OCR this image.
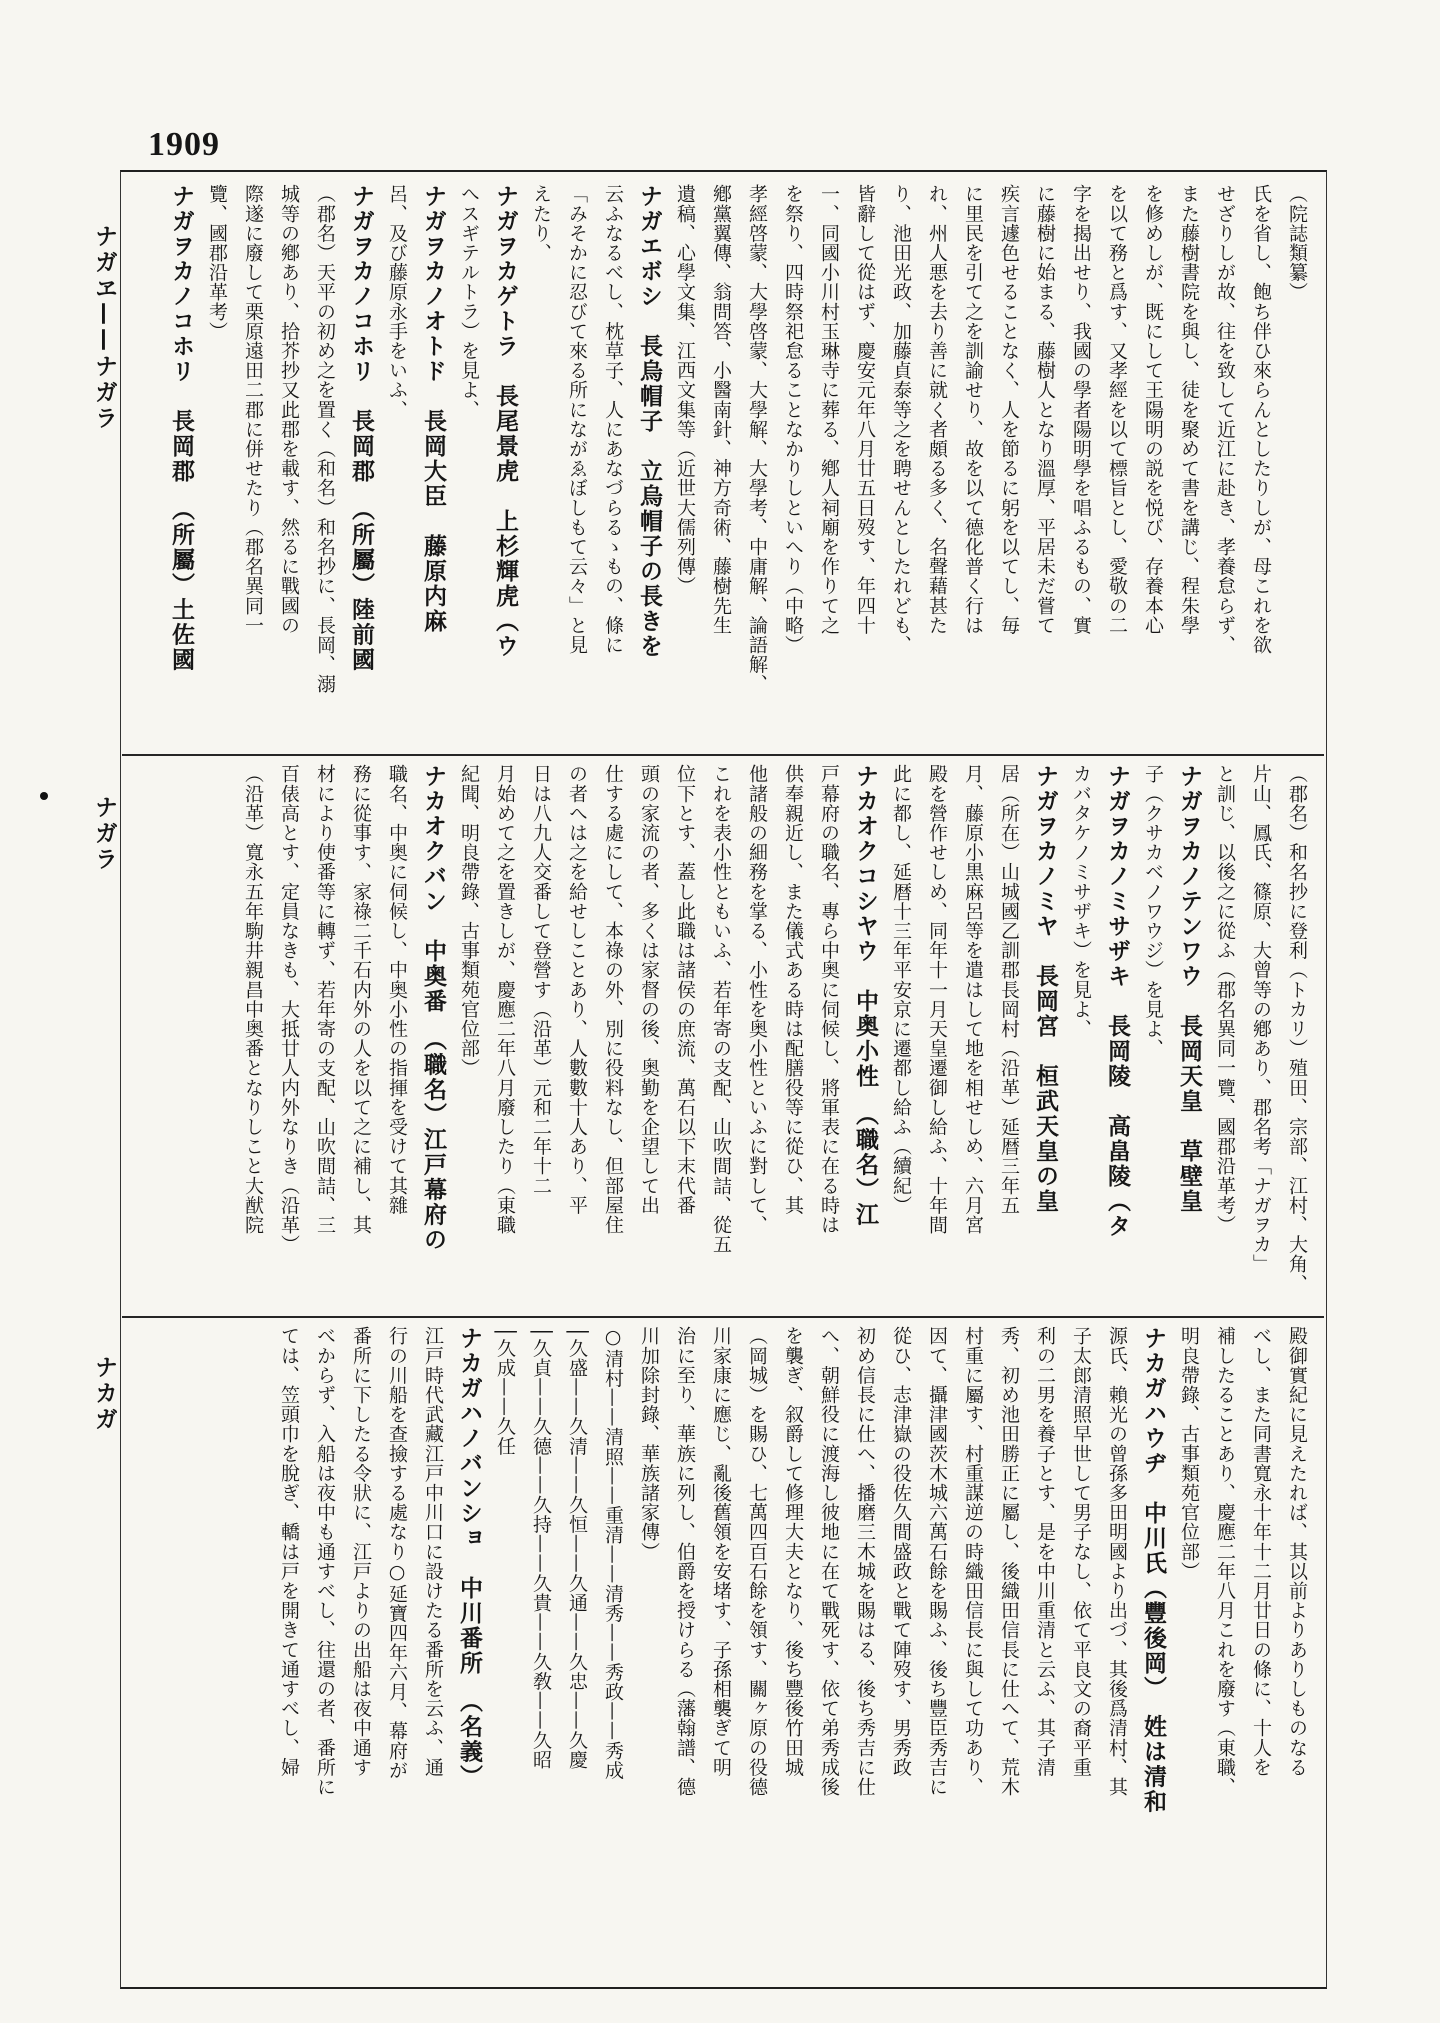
1909
ナガヱ——ナガラ
ナガラ
ナカガ
（院誌類纂）
氏を省し、飽ち伴ひ來らんとしたりしが、母これを欲
せざりしが故、往を致して近江に赴き、孝養怠らず、
また藤樹書院を與し、徒を聚めて書を講じ、程朱學
を修めしが、既にして王陽明の説を悦び、存養本心
を以て務と爲す、又孝經を以て標旨とし、愛敬の二
字を揭出せり、我國の學者陽明學を唱ふるもの、實
に藤樹に始まる、藤樹人となり溫厚、平居未だ嘗て
疾言遽色せることなく、人を節るに躬を以てし、毎
に里民を引て之を訓諭せり、故を以て德化普く行は
れ、州人悪を去り善に就く者頗る多く、名聲藉甚た
り、池田光政、加藤貞泰等之を聘せんとしたれども、
皆辭して從はず、慶安元年八月廿五日歿す、年四十
一、同國小川村玉琳寺に葬る、鄕人祠廟を作りて之
を祭り、四時祭祀怠ることなかりしといへり（中略）
孝經啓蒙、大學啓蒙、大學解、大學考、中庸解、論語解、
鄕黨翼傳、翁問答、小醫南針、神方奇術、藤樹先生
遺稿、心學文集、江西文集等（近世大儒列傳）
ナガエボシ　長烏帽子　立烏帽子の長きを
云ふなるべし、枕草子、人にあなづらるゝもの、條に
「みそかに忍びて來る所にながゑぼしもて云々」と見
えたり、
ナガヲカゲトラ　長尾景虎　上杉輝虎（ウ
へスギテルトラ）を見よ、
ナガヲカノオトド　長岡大臣　藤原内麻
呂、及び藤原永手をいふ、
ナガヲカノコホリ　長岡郡　（所屬）陸前國
（郡名）天平の初め之を置く（和名）和名抄に、長岡、溺
城等の鄕あり、拾芥抄又此郡を載す、然るに戰國の
際遂に廢して栗原遠田二郡に併せたり（郡名異同一
覽、國郡沿革考）
ナガヲカノコホリ　長岡郡　（所屬）土佐國
（郡名）和名抄に登利（トカリ）殖田、宗部、江村、大角、
片山、鳳氏、篠原、大曾等の鄕あり、郡名考「ナガヲカ」
と訓じ、以後之に從ふ（郡名異同一覽、國郡沿革考）
ナガヲカノテンワウ　長岡天皇　草壁皇
子（クサカベノワウジ）を見よ、
ナガヲカノミサザキ　長岡陵　高畠陵（タ
カバタケノミサザキ）を見よ、
ナガヲカノミヤ　長岡宮　桓武天皇の皇
居（所在）山城國乙訓郡長岡村（沿革）延暦三年五
月、藤原小黒麻呂等を遣はして地を相せしめ、六月宮
殿を營作せしめ、同年十一月天皇遷御し給ふ、十年間
此に都し、延暦十三年平安京に遷都し給ふ（續紀）
ナカオクコシヤウ　中奥小性　（職名）江
戸幕府の職名、專ら中奥に伺候し、將軍表に在る時は
供奉親近し、また儀式ある時は配膳役等に從ひ、其
他諸般の細務を掌る、小性を奥小性といふに對して、
これを表小性ともいふ、若年寄の支配、山吹間詰、從五
位下とす、蓋し此職は諸侯の庶流、萬石以下末代番
頭の家流の者、多くは家督の後、奥勤を企望して出
仕する處にして、本祿の外、別に役料なし、但部屋住
の者へは之を給せしことあり、人數數十人あり、平
日は八九人交番して登營す（沿革）元和二年十二
月始めて之を置きしが、慶應二年八月廢したり（東職
紀聞、明良帶錄、古事類苑官位部）
ナカオクバン　中奥番　（職名）江戸幕府の
職名、中奥に伺候し、中奥小性の指揮を受けて其雜
務に從事す、家祿二千石内外の人を以て之に補し、其
材により使番等に轉ず、若年寄の支配、山吹間詰、三
百俵高とす、定員なきも、大抵廿人内外なりき（沿革）
（沿革）寬永五年駒井親昌中奥番となりしこと大猷院
殿御實紀に見えたれば、其以前よりありしものなる
べし、また同書寬永十年十二月廿日の條に、十人を
補したることあり、慶應二年八月これを廢す（東職、
明良帶錄、古事類苑官位部）
ナカガハウヂ　中川氏（豐後岡）　姓は清和
源氏、賴光の曾孫多田明國より出づ、其後爲清村、其
子太郎清照早世して男子なし、依て平良文の裔平重
利の二男を養子とす、是を中川重清と云ふ、其子清
秀、初め池田勝正に屬し、後織田信長に仕へて、荒木
村重に屬す、村重謀逆の時織田信長に與して功あり、
因て、攝津國茨木城六萬石餘を賜ふ、後ち豐臣秀吉に
從ひ、志津嶽の役佐久間盛政と戰て陣歿す、男秀政
初め信長に仕へ、播磨三木城を賜はる、後ち秀吉に仕
へ、朝鮮役に渡海し彼地に在て戰死す、依て弟秀成後
を襲ぎ、叙爵して修理大夫となり、後ち豐後竹田城
（岡城）を賜ひ、七萬四百石餘を領す、關ヶ原の役德
川家康に應じ、亂後舊領を安堵す、子孫相襲ぎて明
治に至り、華族に列し、伯爵を授けらる（藩翰譜、德
川加除封錄、華族諸家傳）
○清村——清照——重清——清秀——秀政——秀成
│久盛——久清——久恒——久通——久忠——久慶
│久貞——久德——久持——久貴——久敎——久昭
│久成——久任
ナカガハノバンショ　中川番所　（名義）
江戸時代武藏江戸中川口に設けたる番所を云ふ、通
行の川船を查撿する處なり○延寶四年六月、幕府が
番所に下したる令狀に、江戸よりの出船は夜中通す
べからず、入船は夜中も通すべし、往還の者、番所に
ては、笠頭巾を脫ぎ、轎は戸を開きて通すべし、婦
